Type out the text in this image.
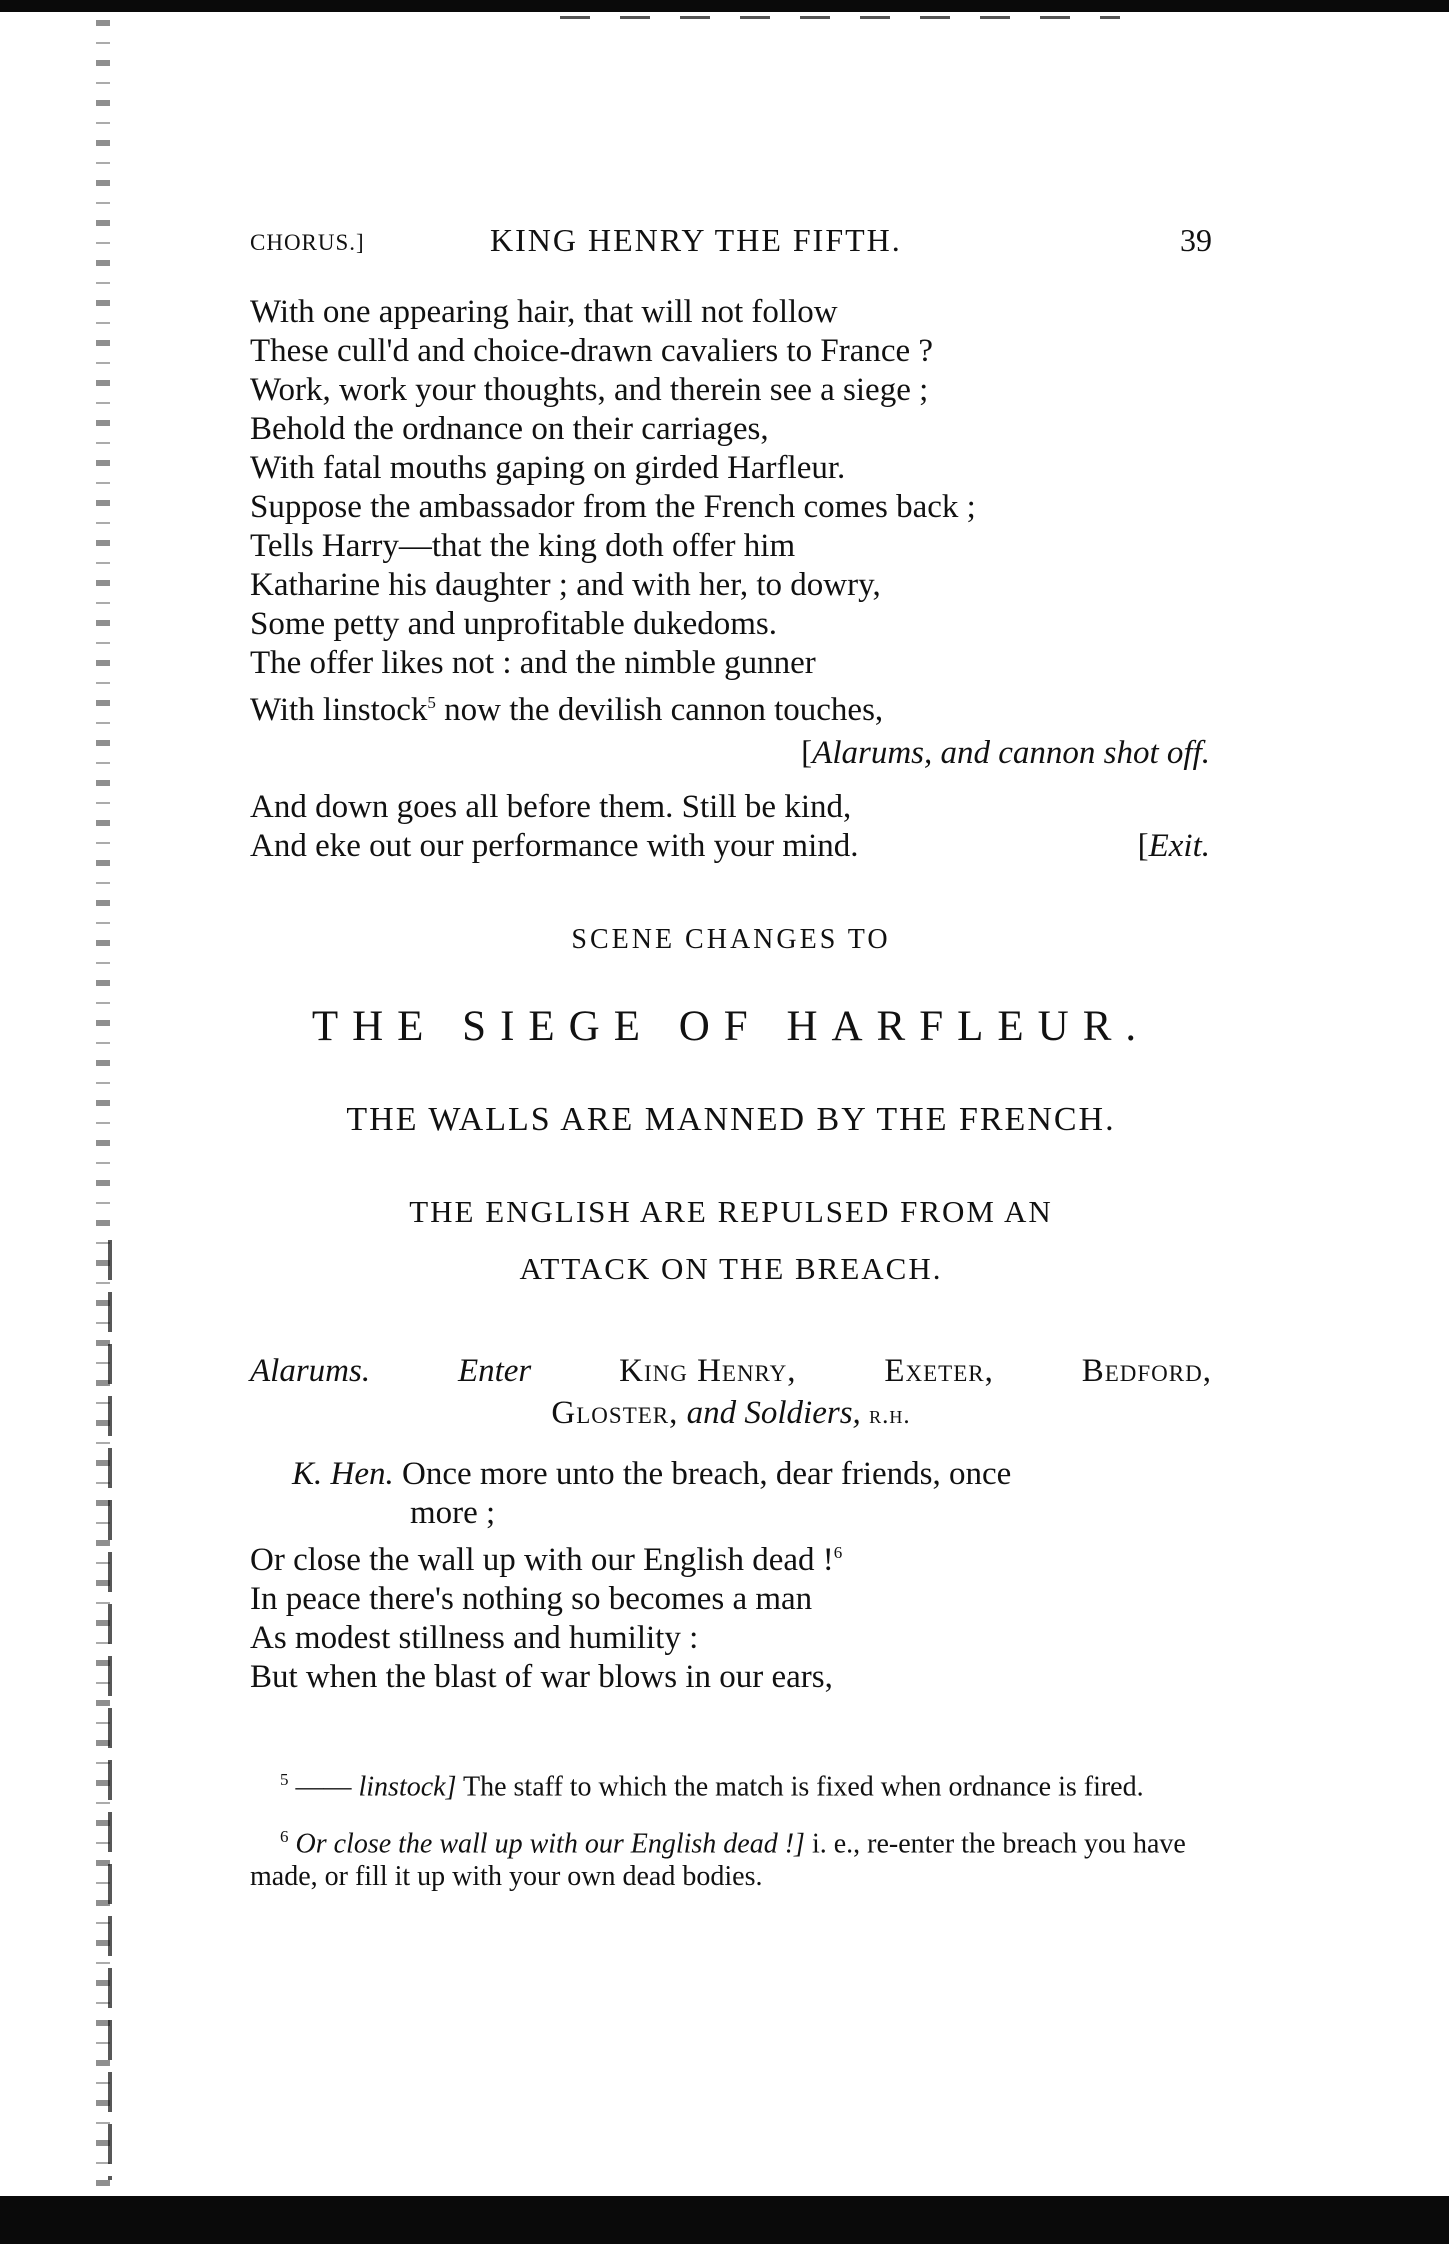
CHORUS.]	KING HENRY THE FIFTH.	39
With one appearing hair, that will not follow
These cull'd and choice-drawn cavaliers to France ?
Work, work your thoughts, and therein see a siege ;
Behold the ordnance on their carriages,
With fatal mouths gaping on girded Harfleur.
Suppose the ambassador from the French comes back ;
Tells Harry—that the king doth offer him
Katharine his daughter ; and with her, to dowry,
Some petty and unprofitable dukedoms.
The offer likes not : and the nimble gunner
With linstock$^5$ now the devilish cannon touches,
[Alarums, and cannon shot off.
And down goes all before them. Still be kind,
And eke out our performance with your mind.	[Exit.
SCENE CHANGES TO
THE SIEGE OF HARFLEUR.
THE WALLS ARE MANNED BY THE FRENCH.
THE ENGLISH ARE REPULSED FROM AN
ATTACK ON THE BREACH.
Alarums.	Enter	King Henry,	Exeter,	Bedford,
Gloster, and Soldiers, r.h.
K. Hen. Once more unto the breach, dear friends, once
more ;
Or close the wall up with our English dead !$^6$
In peace there's nothing so becomes a man
As modest stillness and humility :
But when the blast of war blows in our ears,
$^5$ —— linstock] The staff to which the match is fixed when ordnance is fired.
$^6$ Or close the wall up with our English dead !] i. e., re-enter the breach you have made, or fill it up with your own dead bodies.
